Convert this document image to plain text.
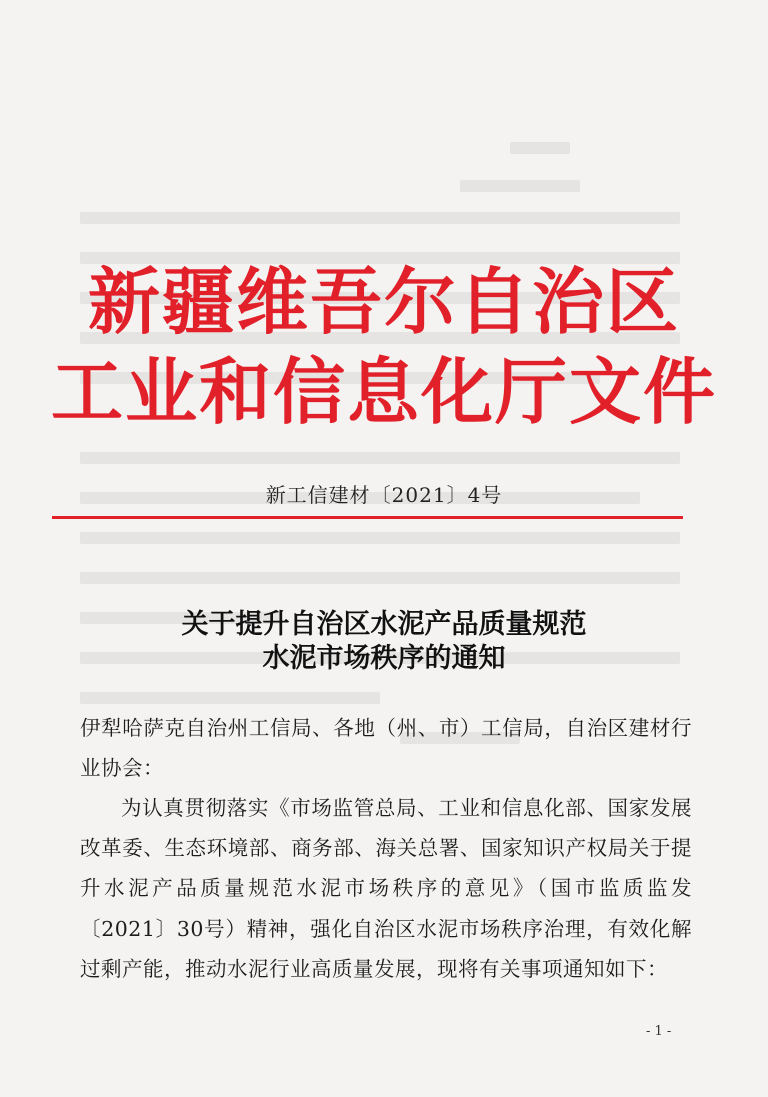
新疆维吾尔自治区
工业和信息化厅文件
新工信建材〔2021〕4号
关于提升自治区水泥产品质量规范
水泥市场秩序的通知
伊犁哈萨克自治州工信局、各地（州、市）工信局，自治区建材行业协会：
为认真贯彻落实《市场监管总局、工业和信息化部、国家发展改革委、生态环境部、商务部、海关总署、国家知识产权局关于提升水泥产品质量规范水泥市场秩序的意见》（国市监质监发〔2021〕30号）精神，强化自治区水泥市场秩序治理，有效化解过剩产能，推动水泥行业高质量发展，现将有关事项通知如下：
- 1 -
